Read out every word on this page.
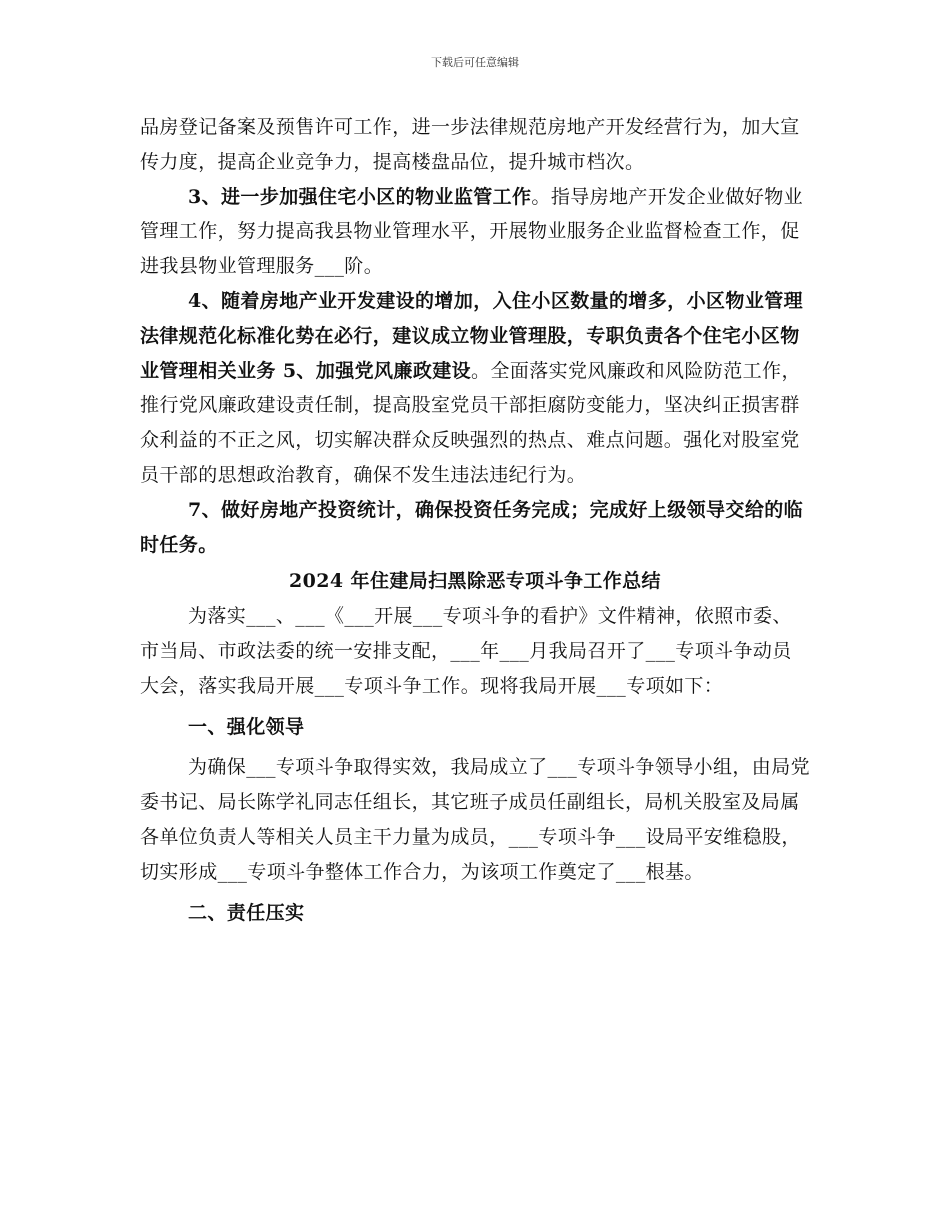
下载后可任意编辑

品房登记备案及预售许可工作，进一步法律规范房地产开发经营行为，加大宣传力度，提高企业竞争力，提高楼盘品位，提升城市档次。

3、进一步加强住宅小区的物业监管工作。指导房地产开发企业做好物业管理工作，努力提高我县物业管理水平，开展物业服务企业监督检查工作，促进我县物业管理服务___阶。

4、随着房地产业开发建设的增加，入住小区数量的增多，小区物业管理法律规范化标准化势在必行，建议成立物业管理股，专职负责各个住宅小区物业管理相关业务 5、加强党风廉政建设。全面落实党风廉政和风险防范工作，推行党风廉政建设责任制，提高股室党员干部拒腐防变能力，坚决纠正损害群众利益的不正之风，切实解决群众反映强烈的热点、难点问题。强化对股室党员干部的思想政治教育，确保不发生违法违纪行为。

7、做好房地产投资统计，确保投资任务完成；完成好上级领导交给的临时任务。

2024 年住建局扫黑除恶专项斗争工作总结

为落实___、___《___开展___专项斗争的看护》文件精神，依照市委、市当局、市政法委的统一安排支配，___年___月我局召开了___专项斗争动员大会，落实我局开展___专项斗争工作。现将我局开展___专项如下：

一、强化领导

为确保___专项斗争取得实效，我局成立了___专项斗争领导小组，由局党委书记、局长陈学礼同志任组长，其它班子成员任副组长，局机关股室及局属各单位负责人等相关人员主干力量为成员，___专项斗争___设局平安维稳股，切实形成___专项斗争整体工作合力，为该项工作奠定了___根基。

二、责任压实
